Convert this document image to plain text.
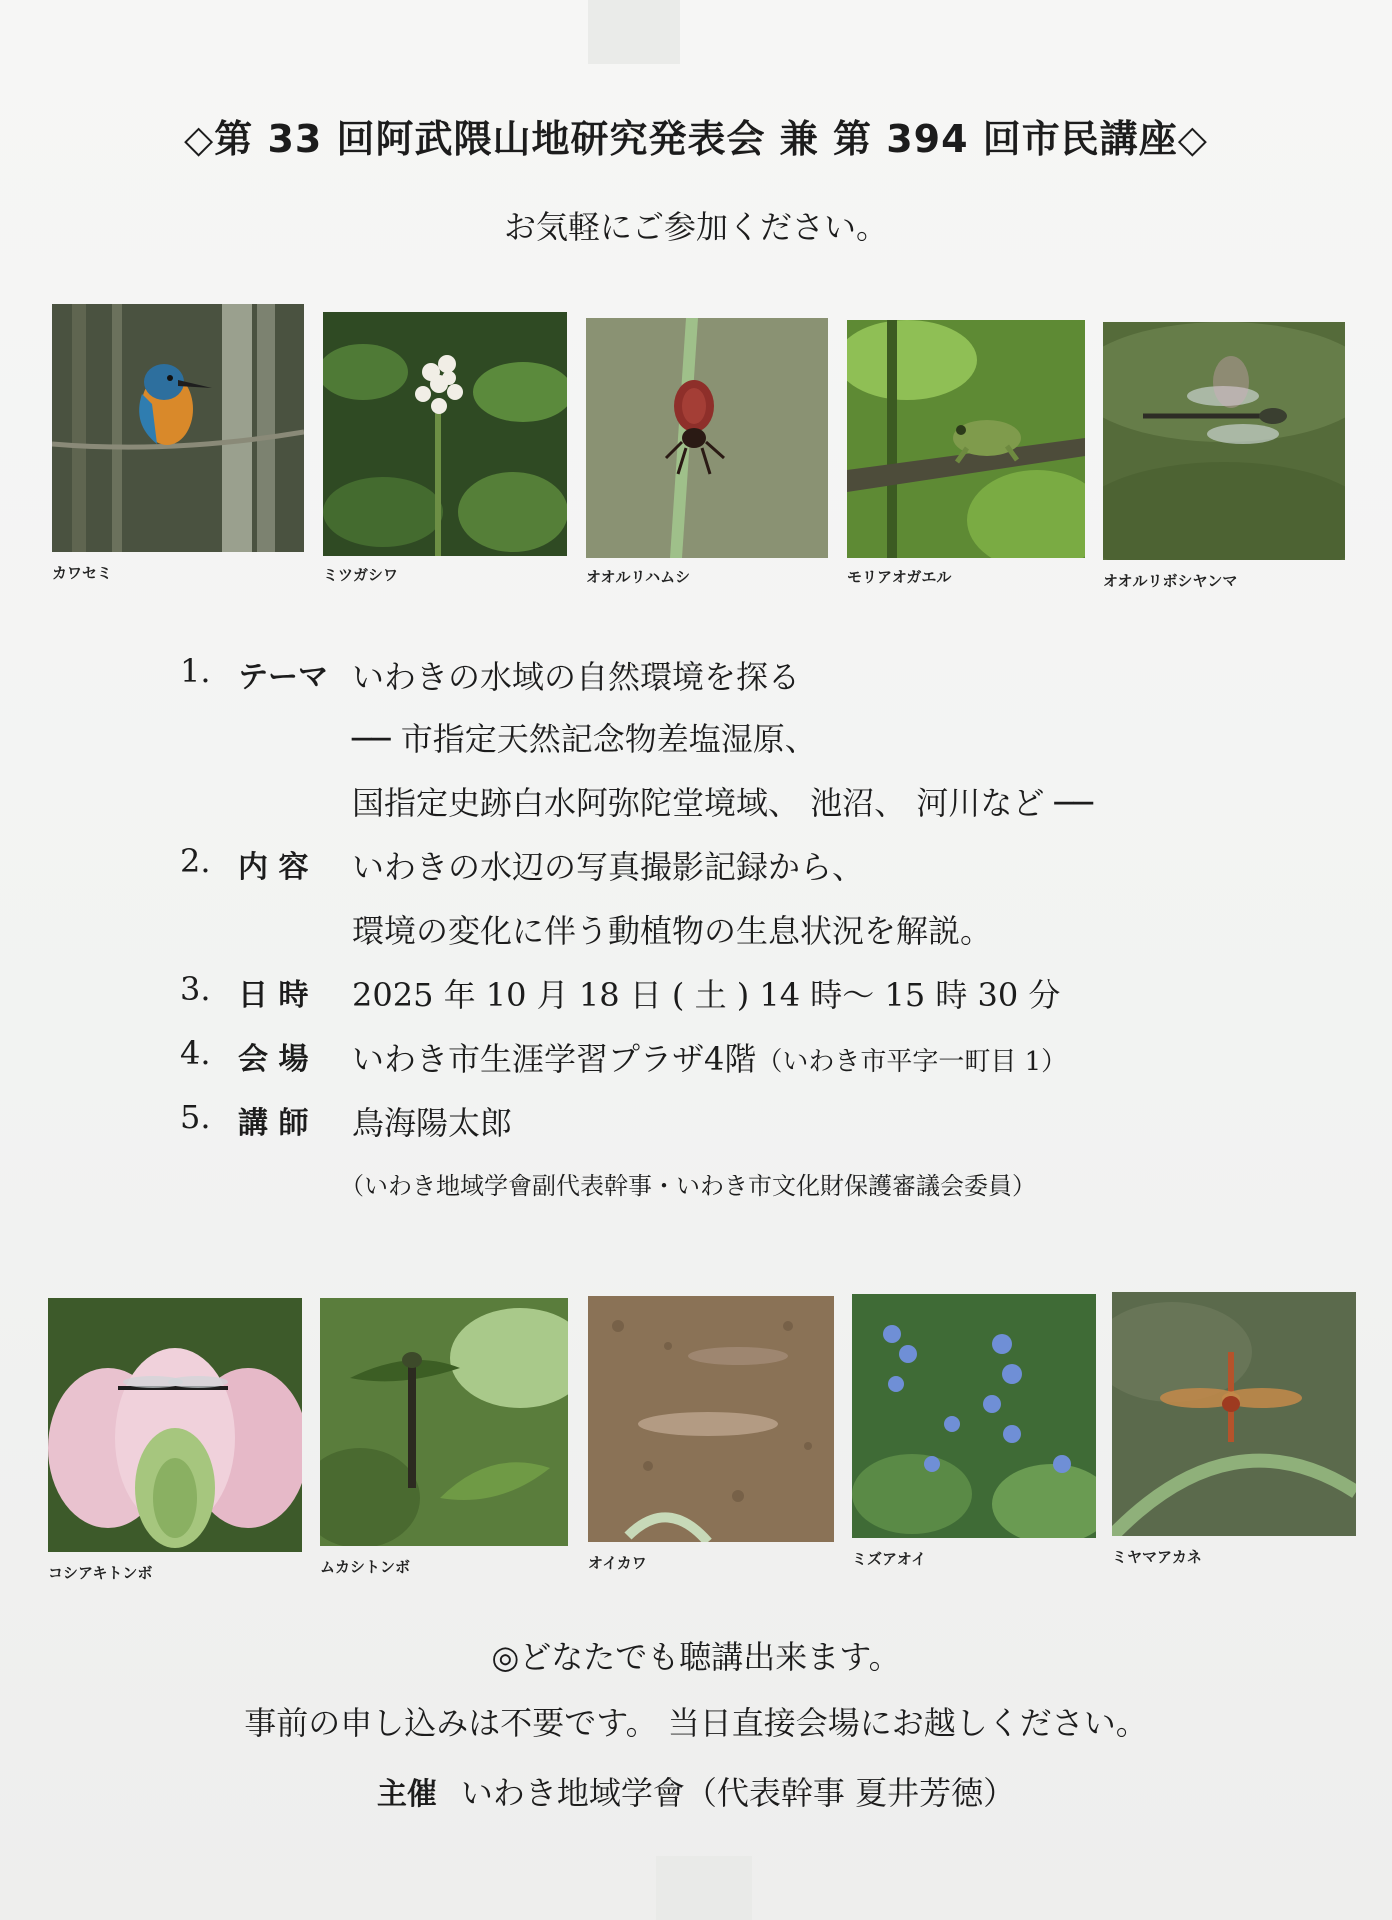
◇第 33 回阿武隈山地研究発表会 兼 第 394 回市民講座◇
お気軽にご参加ください。
カワセミ	ミツガシワ	オオルリハムシ	モリアオガエル	オオルリボシヤンマ
1. テーマ いわきの水域の自然環境を探る
── 市指定天然記念物差塩湿原、
国指定史跡白水阿弥陀堂境域、 池沼、 河川など ──
2. 内 容	いわきの水辺の写真撮影記録から、
環境の変化に伴う動植物の生息状況を解説。
3. 日 時	2025 年 10 月 18 日 ( 土 ) 14 時〜 15 時 30 分
4. 会 場	いわき市生涯学習プラザ4階（いわき市平字一町目 1）
5. 講 師	鳥海陽太郎
（いわき地域学會副代表幹事・いわき市文化財保護審議会委員）
コシアキトンボ	ムカシトンボ	オイカワ	ミズアオイ	ミヤマアカネ
◎どなたでも聴講出来ます。
事前の申し込みは不要です。 当日直接会場にお越しください。
主催 いわき地域学會（代表幹事 夏井芳徳）
